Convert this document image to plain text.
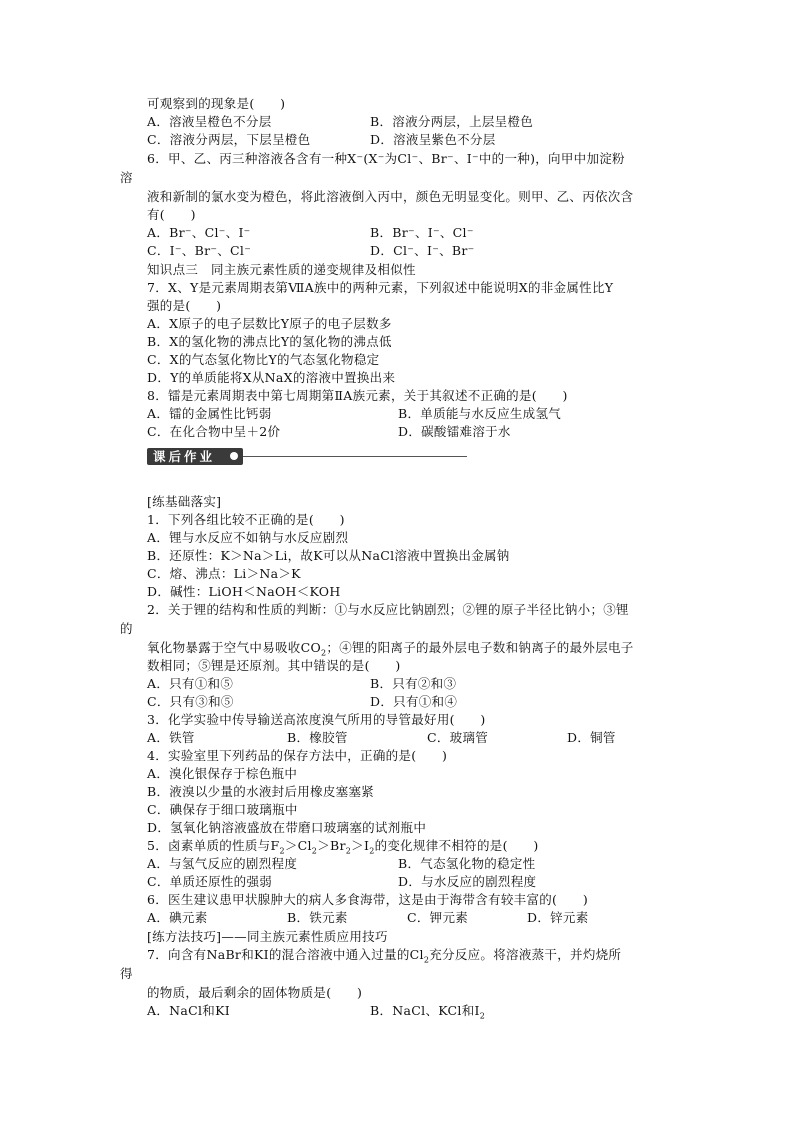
可观察到的现象是(　　)
A．溶液呈橙色不分层	B．溶液分两层，上层呈橙色
C．溶液分两层，下层呈橙色	D．溶液呈紫色不分层
6．甲、乙、丙三种溶液各含有一种X⁻(X⁻为Cl⁻、Br⁻、I⁻中的一种)，向甲中加淀粉
溶
液和新制的氯水变为橙色，将此溶液倒入丙中，颜色无明显变化。则甲、乙、丙依次含
有(　　)
A．Br⁻、Cl⁻、I⁻	B．Br⁻、I⁻、Cl⁻
C．I⁻、Br⁻、Cl⁻	D．Cl⁻、I⁻、Br⁻
知识点三　同主族元素性质的递变规律及相似性
7．X、Y是元素周期表第ⅦA族中的两种元素，下列叙述中能说明X的非金属性比Y
强的是(　　)
A．X原子的电子层数比Y原子的电子层数多
B．X的氢化物的沸点比Y的氢化物的沸点低
C．X的气态氢化物比Y的气态氢化物稳定
D．Y的单质能将X从NaX的溶液中置换出来
8．镭是元素周期表中第七周期第ⅡA族元素，关于其叙述不正确的是(　　)
A．镭的金属性比钙弱	B．单质能与水反应生成氢气
C．在化合物中呈＋2价	D．碳酸镭难溶于水
课后作业
[练基础落实]
1．下列各组比较不正确的是(　　)
A．锂与水反应不如钠与水反应剧烈
B．还原性：K＞Na＞Li，故K可以从NaCl溶液中置换出金属钠
C．熔、沸点：Li＞Na＞K
D．碱性：LiOH＜NaOH＜KOH
2．关于锂的结构和性质的判断：①与水反应比钠剧烈；②锂的原子半径比钠小；③锂
的
氧化物暴露于空气中易吸收$CO_2$；④锂的阳离子的最外层电子数和钠离子的最外层电子
数相同；⑤锂是还原剂。其中错误的是(　　)
A．只有①和⑤	B．只有②和③
C．只有③和⑤	D．只有①和④
3．化学实验中传导输送高浓度溴气所用的导管最好用(　　)
A．铁管	B．橡胶管	C．玻璃管	D．铜管
4．实验室里下列药品的保存方法中，正确的是(　　)
A．溴化银保存于棕色瓶中
B．液溴以少量的水液封后用橡皮塞塞紧
C．碘保存于细口玻璃瓶中
D．氢氧化钠溶液盛放在带磨口玻璃塞的试剂瓶中
5．卤素单质的性质与$F_2>Cl_2>Br_2>I_2$的变化规律不相符的是(　　)
A．与氢气反应的剧烈程度	B．气态氢化物的稳定性
C．单质还原性的强弱	D．与水反应的剧烈程度
6．医生建议患甲状腺肿大的病人多食海带，这是由于海带含有较丰富的(　　)
A．碘元素	B．铁元素	C．钾元素	D．锌元素
[练方法技巧]——同主族元素性质应用技巧
7．向含有NaBr和KI的混合溶液中通入过量的$Cl_2$充分反应。将溶液蒸干，并灼烧所
得
的物质，最后剩余的固体物质是(　　)
A．NaCl和KI	B．NaCl、KCl和$I_2$
